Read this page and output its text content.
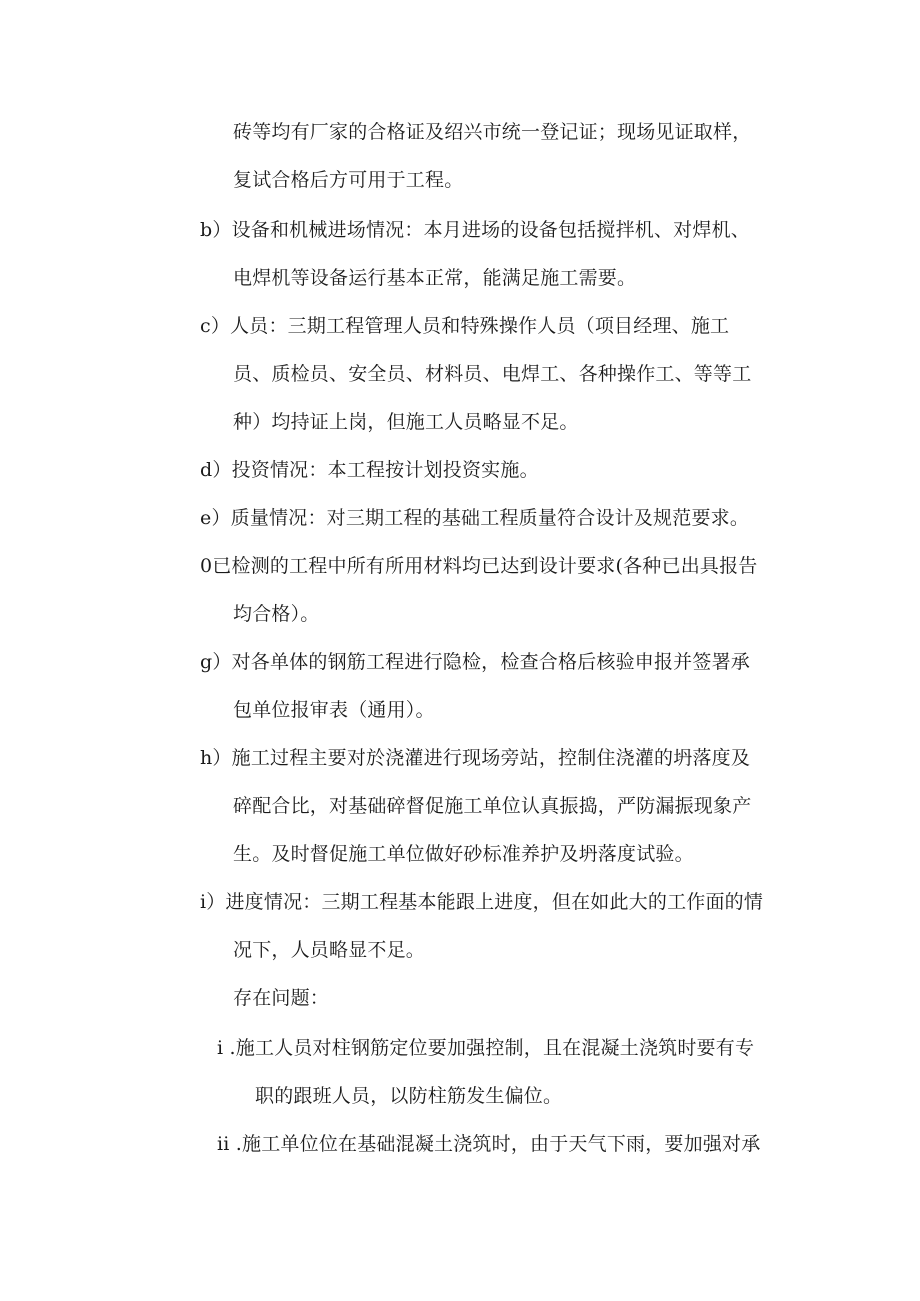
砖等均有厂家的合格证及绍兴市统一登记证；现场见证取样，
复试合格后方可用于工程。
b）设备和机械进场情况：本月进场的设备包括搅拌机、对焊机、
电焊机等设备运行基本正常，能满足施工需要。
c）人员：三期工程管理人员和特殊操作人员（项目经理、施工
员、质检员、安全员、材料员、电焊工、各种操作工、等等工
种）均持证上岗，但施工人员略显不足。
d）投资情况：本工程按计划投资实施。
e）质量情况：对三期工程的基础工程质量符合设计及规范要求。
0已检测的工程中所有所用材料均已达到设计要求(各种已出具报告
均合格）。
g）对各单体的钢筋工程进行隐检，检查合格后核验申报并签署承
包单位报审表（通用）。
h）施工过程主要对於浇灌进行现场旁站，控制住浇灌的坍落度及
碎配合比，对基础碎督促施工单位认真振捣，严防漏振现象产
生。及时督促施工单位做好砂标准养护及坍落度试验。
i）进度情况：三期工程基本能跟上进度，但在如此大的工作面的情
况下，人员略显不足。
存在问题：
i .施工人员对柱钢筋定位要加强控制，且在混凝土浇筑时要有专
职的跟班人员，以防柱筋发生偏位。
ii .施工单位位在基础混凝土浇筑时，由于天气下雨，要加强对承
